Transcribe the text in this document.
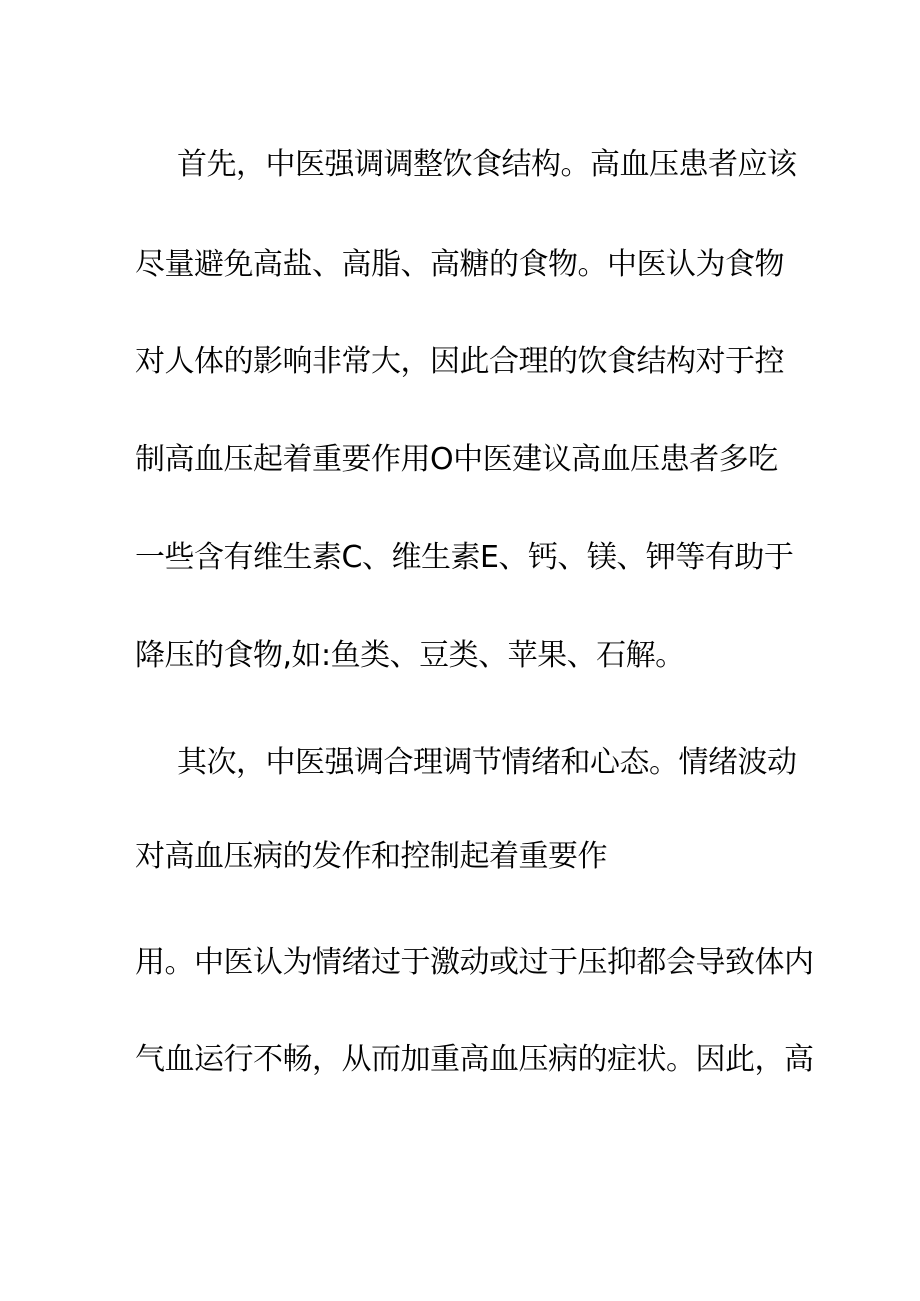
首先，中医强调调整饮食结构。高血压患者应该
尽量避免高盐、高脂、高糖的食物。中医认为食物
对人体的影响非常大，因此合理的饮食结构对于控
制高血压起着重要作用O中医建议高血压患者多吃
一些含有维生素C、维生素E、钙、镁、钾等有助于
降压的食物,如:鱼类、豆类、苹果、石解。
其次，中医强调合理调节情绪和心态。情绪波动
对高血压病的发作和控制起着重要作
用。中医认为情绪过于激动或过于压抑都会导致体内
气血运行不畅，从而加重高血压病的症状。因此，高
